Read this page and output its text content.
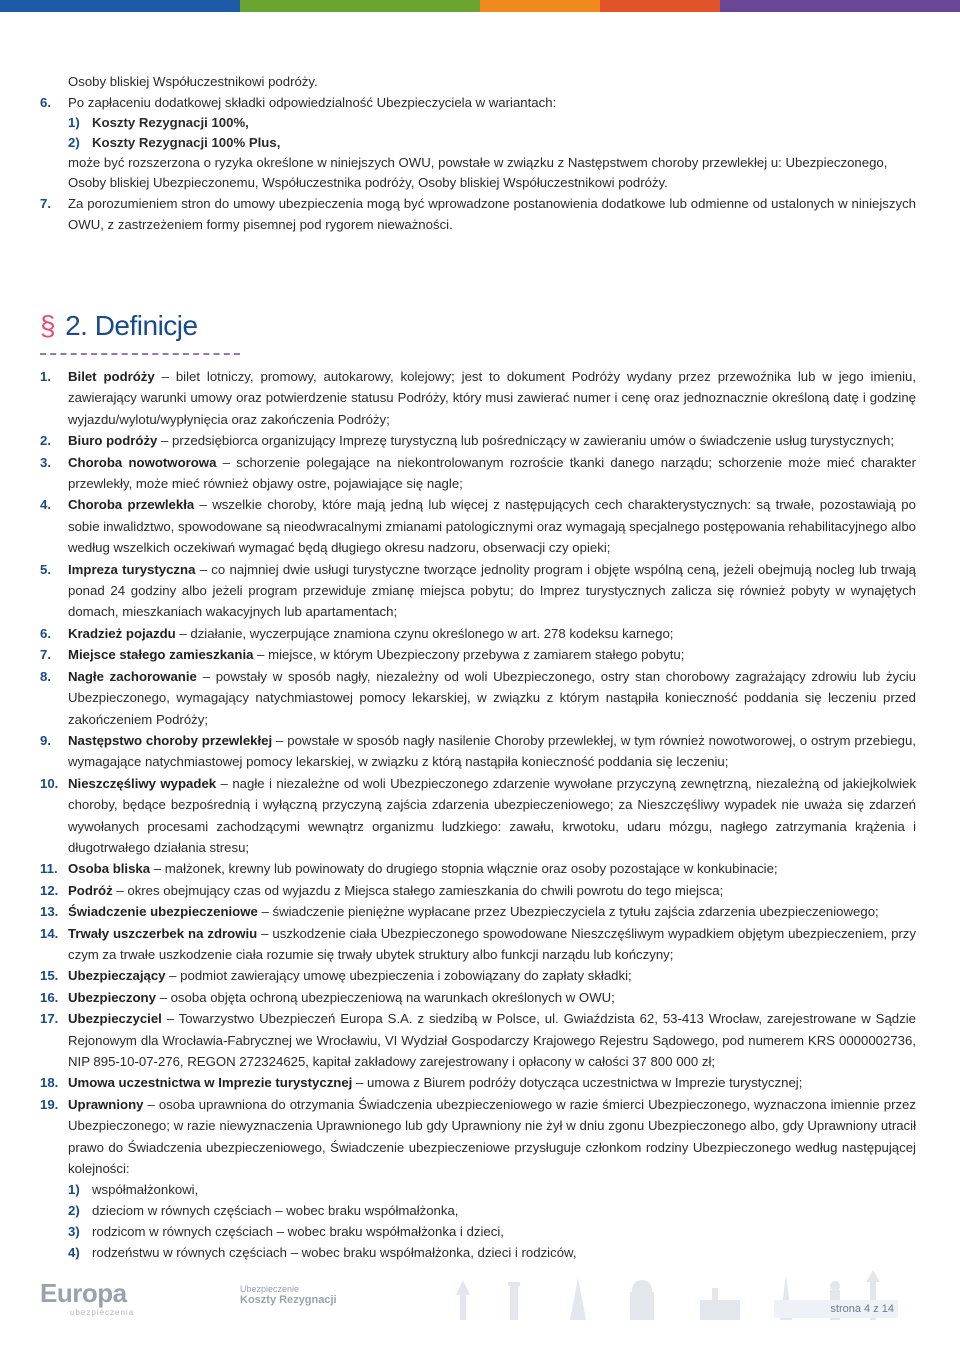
Osoby bliskiej Współuczestnikowi podróży.

6. Po zapłaceniu dodatkowej składki odpowiedzialność Ubezpieczyciela w wariantach:

1) Koszty Rezygnacji 100%,

2) Koszty Rezygnacji 100% Plus,

może być rozszerzona o ryzyka określone w niniejszych OWU, powstałe w związku z Następstwem choroby przewlekłej u: Ubezpieczonego,

Osoby bliskiej Ubezpieczonemu, Współuczestnika podróży, Osoby bliskiej Współuczestnikowi podróży.

7. Za porozumieniem stron do umowy ubezpieczenia mogą być wprowadzone postanowienia dodatkowe lub odmienne od ustalonych w niniejszych OWU, z zastrzeżeniem formy pisemnej pod rygorem nieważności.
§ 2. Definicje
1. Bilet podróży – bilet lotniczy, promowy, autokarowy, kolejowy; jest to dokument Podróży wydany przez przewoźnika lub w jego imieniu, zawierający warunki umowy oraz potwierdzenie statusu Podróży, który musi zawierać numer i cenę oraz jednoznacznie określoną datę i godzinę wyjazdu/wylotu/wypłynięcia oraz zakończenia Podróży;
2. Biuro podróży – przedsiębiorca organizujący Imprezę turystyczną lub pośredniczący w zawieraniu umów o świadczenie usług turystycznych;
3. Choroba nowotworowa – schorzenie polegające na niekontrolowanym rozroście tkanki danego narządu; schorzenie może mieć charakter przewlekły, może mieć również objawy ostre, pojawiające się nagle;
4. Choroba przewlekła – wszelkie choroby, które mają jedną lub więcej z następujących cech charakterystycznych: są trwałe, pozostawiają po sobie inwalidztwo, spowodowane są nieodwracalnymi zmianami patologicznymi oraz wymagają specjalnego postępowania rehabilitacyjnego albo według wszelkich oczekiwań wymagać będą długiego okresu nadzoru, obserwacji czy opieki;
5. Impreza turystyczna – co najmniej dwie usługi turystyczne tworzące jednolity program i objęte wspólną ceną, jeżeli obejmują nocleg lub trwają ponad 24 godziny albo jeżeli program przewiduje zmianę miejsca pobytu; do Imprez turystycznych zalicza się również pobyty w wynajętych domach, mieszkaniach wakacyjnych lub apartamentach;
6. Kradzież pojazdu – działanie, wyczerpujące znamiona czynu określonego w art. 278 kodeksu karnego;
7. Miejsce stałego zamieszkania – miejsce, w którym Ubezpieczony przebywa z zamiarem stałego pobytu;
8. Nagłe zachorowanie – powstały w sposób nagły, niezależny od woli Ubezpieczonego, ostry stan chorobowy zagrażający zdrowiu lub życiu Ubezpieczonego, wymagający natychmiastowej pomocy lekarskiej, w związku z którym nastąpiła konieczność poddania się leczeniu przed zakończeniem Podróży;
9. Następstwo choroby przewlekłej – powstałe w sposób nagły nasilenie Choroby przewlekłej, w tym również nowotworowej, o ostrym przebiegu, wymagające natychmiastowej pomocy lekarskiej, w związku z którą nastąpiła konieczność poddania się leczeniu;
10. Nieszczęśliwy wypadek – nagłe i niezależne od woli Ubezpieczonego zdarzenie wywołane przyczyną zewnętrzną, niezależną od jakiejkolwiek choroby, będące bezpośrednią i wyłączną przyczyną zajścia zdarzenia ubezpieczeniowego; za Nieszczęśliwy wypadek nie uważa się zdarzeń wywołanych procesami zachodzącymi wewnątrz organizmu ludzkiego: zawału, krwotoku, udaru mózgu, nagłego zatrzymania krążenia i długotrwałego działania stresu;
11. Osoba bliska – małżonek, krewny lub powinowaty do drugiego stopnia włącznie oraz osoby pozostające w konkubinacie;
12. Podróż – okres obejmujący czas od wyjazdu z Miejsca stałego zamieszkania do chwili powrotu do tego miejsca;
13. Świadczenie ubezpieczeniowe – świadczenie pieniężne wypłacane przez Ubezpieczyciela z tytułu zajścia zdarzenia ubezpieczeniowego;
14. Trwały uszczerbek na zdrowiu – uszkodzenie ciała Ubezpieczonego spowodowane Nieszczęśliwym wypadkiem objętym ubezpieczeniem, przy czym za trwałe uszkodzenie ciała rozumie się trwały ubytek struktury albo funkcji narządu lub kończyny;
15. Ubezpieczający – podmiot zawierający umowę ubezpieczenia i zobowiązany do zapłaty składki;
16. Ubezpieczony – osoba objęta ochroną ubezpieczeniową na warunkach określonych w OWU;
17. Ubezpieczyciel – Towarzystwo Ubezpieczeń Europa S.A. z siedzibą w Polsce, ul. Gwiaździsta 62, 53-413 Wrocław, zarejestrowane w Sądzie Rejonowym dla Wrocławia-Fabrycznej we Wrocławiu, VI Wydział Gospodarczy Krajowego Rejestru Sądowego, pod numerem KRS 0000002736, NIP 895-10-07-276, REGON 272324625, kapitał zakładowy zarejestrowany i opłacony w całości 37 800 000 zł;
18. Umowa uczestnictwa w Imprezie turystycznej – umowa z Biurem podróży dotycząca uczestnictwa w Imprezie turystycznej;
19. Uprawniony – osoba uprawniona do otrzymania Świadczenia ubezpieczeniowego w razie śmierci Ubezpieczonego, wyznaczona imiennie przez Ubezpieczonego; w razie niewyznaczenia Uprawnionego lub gdy Uprawniony nie żył w dniu zgonu Ubezpieczonego albo, gdy Uprawniony utracił prawo do Świadczenia ubezpieczeniowego, Świadczenie ubezpieczeniowe przysługuje członkom rodziny Ubezpieczonego według następującej kolejności:

1) współmałżonkowi,

2) dzieciom w równych częściach – wobec braku współmałżonka,

3) rodzicom w równych częściach – wobec braku współmałżonka i dzieci,

4) rodzeństwu w równych częściach – wobec braku współmałżonka, dzieci i rodziców,

Europa
ubezpieczenia
Ubezpieczenie
Koszty Rezygnacji
strona 4 z 14
